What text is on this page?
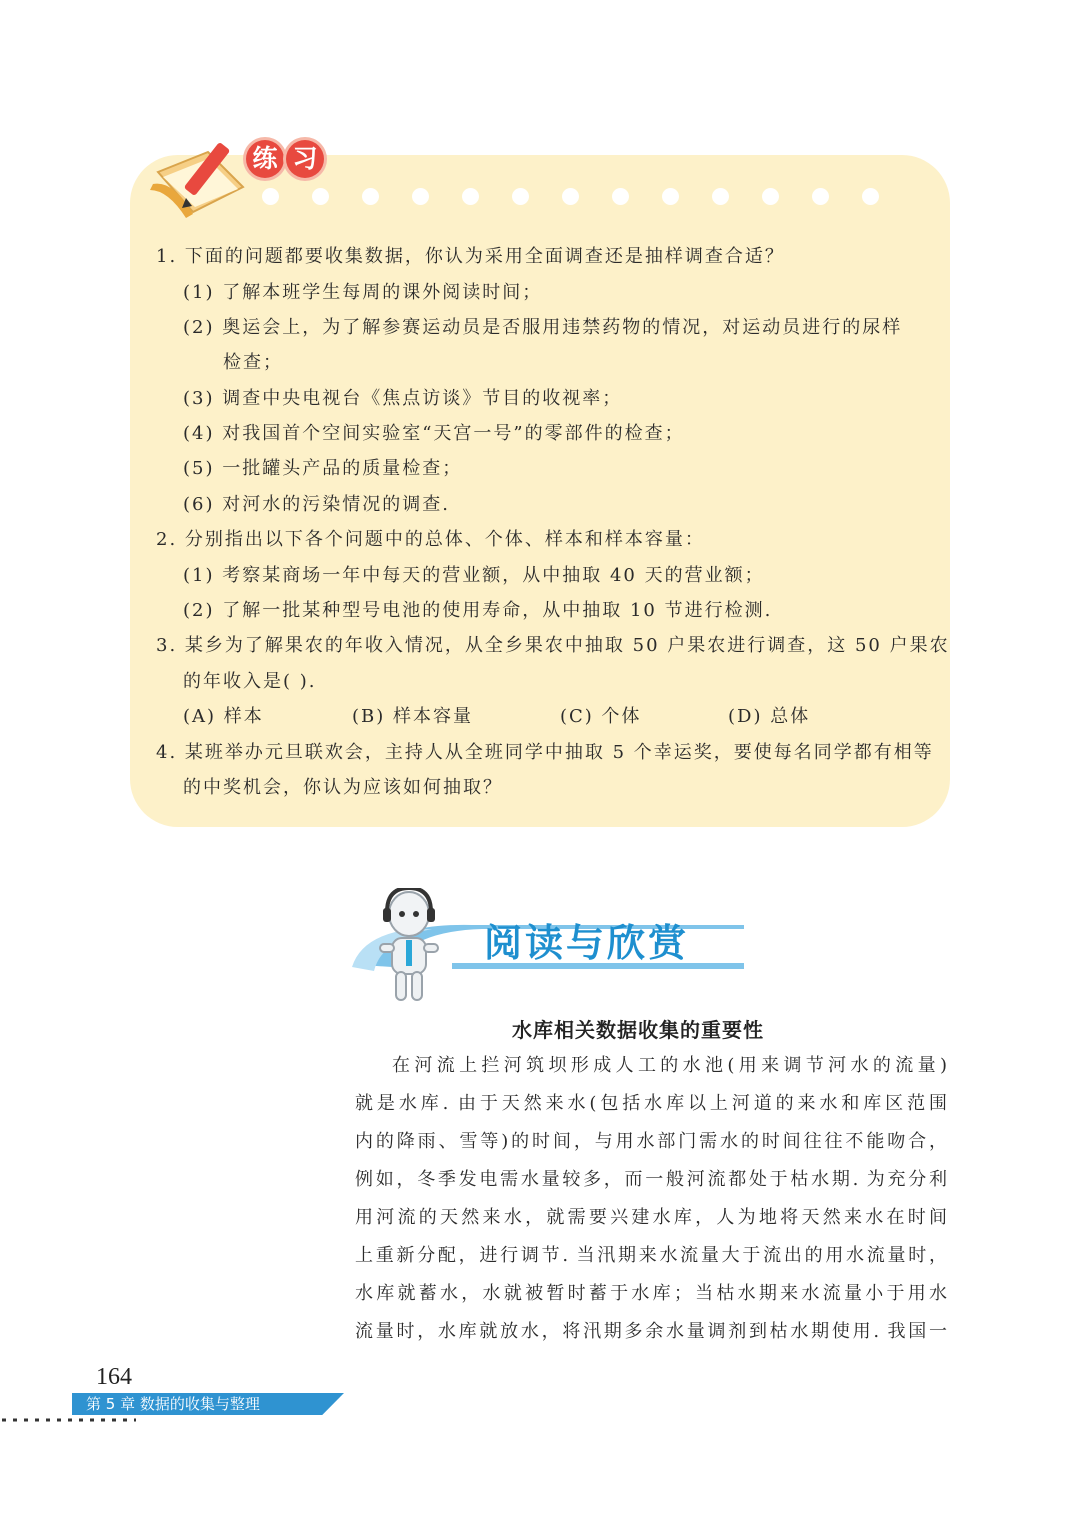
练 习
1. 下面的问题都要收集数据，你认为采用全面调查还是抽样调查合适？
(1) 了解本班学生每周的课外阅读时间；
(2) 奥运会上，为了解参赛运动员是否服用违禁药物的情况，对运动员进行的尿样
检查；
(3) 调查中央电视台《焦点访谈》节目的收视率；
(4) 对我国首个空间实验室“天宫一号”的零部件的检查；
(5) 一批罐头产品的质量检查；
(6) 对河水的污染情况的调查.
2. 分别指出以下各个问题中的总体、个体、样本和样本容量：
(1) 考察某商场一年中每天的营业额，从中抽取 40 天的营业额；
(2) 了解一批某种型号电池的使用寿命，从中抽取 10 节进行检测.
3. 某乡为了解果农的年收入情况，从全乡果农中抽取 50 户果农进行调查，这 50 户果农
的年收入是( ).
(A) 样本	(B) 样本容量	(C) 个体	(D) 总体
4. 某班举办元旦联欢会，主持人从全班同学中抽取 5 个幸运奖，要使每名同学都有相等
的中奖机会，你认为应该如何抽取？
阅读与欣赏
水库相关数据收集的重要性
在河流上拦河筑坝形成人工的水池(用来调节河水的流量)
就是水库. 由于天然来水(包括水库以上河道的来水和库区范围
内的降雨、雪等)的时间，与用水部门需水的时间往往不能吻合，
例如，冬季发电需水量较多，而一般河流都处于枯水期. 为充分利
用河流的天然来水，就需要兴建水库，人为地将天然来水在时间
上重新分配，进行调节. 当汛期来水流量大于流出的用水流量时，
水库就蓄水，水就被暂时蓄于水库；当枯水期来水流量小于用水
流量时，水库就放水，将汛期多余水量调剂到枯水期使用. 我国一
164
第 5 章 数据的收集与整理
